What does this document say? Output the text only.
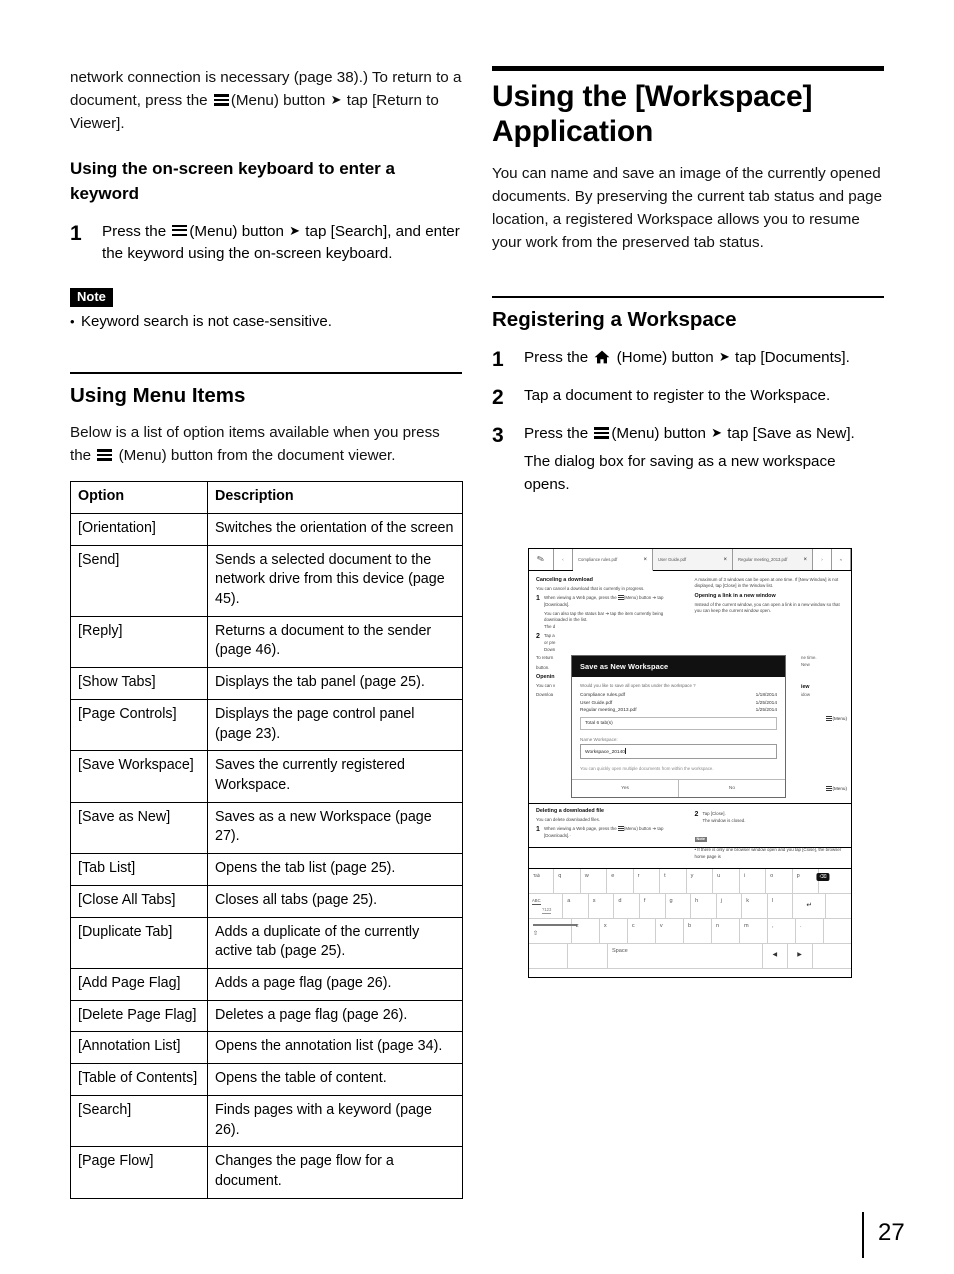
network connection is necessary (page 38).) To return to a document, press the
(Menu) button ➤ tap [Return to Viewer].

Using the on-screen keyboard to enter a keyword
1	Press the
(Menu) button ➤ tap [Search], and enter the keyword using the on-screen keyboard.
Note
• Keyword search is not case-sensitive.
Using Menu Items

Below is a list of option items available when you press the
(Menu) button from the document viewer.

Option	Description
[Orientation]	Switches the orientation of the screen
[Send]	Sends a selected document to the network drive from this device (page 45).
[Reply]	Returns a document to the sender (page 46).
[Show Tabs]	Displays the tab panel (page 25).
[Page Controls]	Displays the page control panel (page 23).
[Save Workspace]	Saves the currently registered Workspace.
[Save as New]	Saves as a new Workspace (page 27).
[Tab List]	Opens the tab list (page 25).
[Close All Tabs]	Closes all tabs (page 25).
[Duplicate Tab]	Adds a duplicate of the currently active tab (page 25).
[Add Page Flag]	Adds a page flag (page 26).
[Delete Page Flag]	Deletes a page flag (page 26).
[Annotation List]	Opens the annotation list (page 34).
[Table of Contents]	Opens the table of content.
[Search]	Finds pages with a keyword (page 26).
[Page Flow]	Changes the page flow for a document.
Using the [Workspace] Application

You can name and save an image of the currently opened documents. By preserving the current tab status and page location, a registered Workspace allows you to resume your work from the preserved tab status.

Registering a Workspace
1	Press the  (Home) button ➤ tap [Documents].
2	Tap a document to register to the Workspace.
3	Press the
(Menu) button ➤ tap [Save as New].
The dialog box for saving as a new workspace opens.
✎	‹	Compliance rules.pdf	×	User Guide.pdf	×	Regular meeting_2013.pdf	×	›	≈
Canceling a download

You can cancel a download that is currently in progress.

1 When viewing a Web page, press the
(Menu) button ➜ tap [Downloads].
You can also tap the status bar ➜ tap the item currently being downloaded in the list.
The d
2 Tap a
or pre
Down

To return

button.

Openin

You can v

Downloa

A maximum of 3 windows can be open at one time. If [New Window] is not displayed, tap [Close] in the Window list.

Opening a link in a new window

Instead of the current window, you can open a link in a new window so that you can keep the current window open.

Save as New Workspace
Would you like to save all open tabs under the workspace ?
Compliance rules.pdf	1/18/2014
User Guide.pdf	1/25/2014
Regular meeting_2013.pdf	1/25/2014
Total 6 tab(s)
Name Workspace:
Workspace_20140
You can quickly open multiple documents from within the workspace.
Yes	No
ne time.
New
iew
idow
(Menu)
(Menu)
Deleting a downloaded file

You can delete downloaded files.

1 When viewing a Web page, press the
(Menu) button ➜ tap [Downloads].·
2 Tap [Close].
The window is closed.
Note

• If there is only one browser window open and you tap [Close], the browser home page is

Tab	q	w	e	r	t	y	u	i	o	p	⌫
ABC
?123
a	s	d	f	g	h	j	k	l
↵
⇧
z	x	c	v	b	n	m	,	.
Space
◀	▶
27
